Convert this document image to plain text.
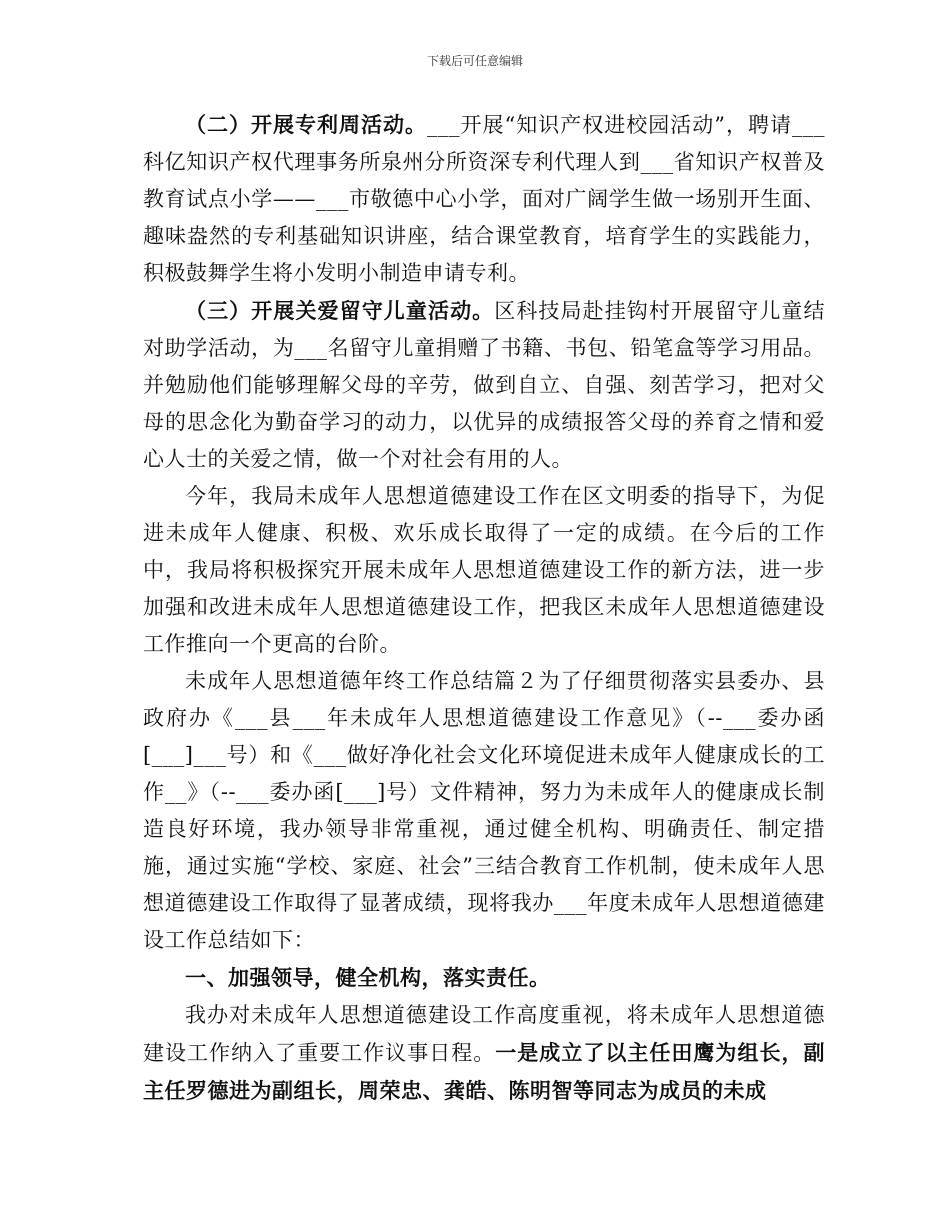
下载后可任意编辑

（二）开展专利周活动。___开展“知识产权进校园活动”，聘请___科亿知识产权代理事务所泉州分所资深专利代理人到___省知识产权普及教育试点小学——___市敬德中心小学，面对广阔学生做一场别开生面、趣味盎然的专利基础知识讲座，结合课堂教育，培育学生的实践能力，积极鼓舞学生将小发明小制造申请专利。

（三）开展关爱留守儿童活动。区科技局赴挂钩村开展留守儿童结对助学活动，为___名留守儿童捐赠了书籍、书包、铅笔盒等学习用品。并勉励他们能够理解父母的辛劳，做到自立、自强、刻苦学习，把对父母的思念化为勤奋学习的动力，以优异的成绩报答父母的养育之情和爱心人士的关爱之情，做一个对社会有用的人。

今年，我局未成年人思想道德建设工作在区文明委的指导下，为促进未成年人健康、积极、欢乐成长取得了一定的成绩。在今后的工作中，我局将积极探究开展未成年人思想道德建设工作的新方法，进一步加强和改进未成年人思想道德建设工作，把我区未成年人思想道德建设工作推向一个更高的台阶。

未成年人思想道德年终工作总结篇２为了仔细贯彻落实县委办、县政府办《___县___年未成年人思想道德建设工作意见》（--___委办函[___]___号）和《___做好净化社会文化环境促进未成年人健康成长的工作__》（--___委办函[___]号）文件精神，努力为未成年人的健康成长制造良好环境，我办领导非常重视，通过健全机构、明确责任、制定措施，通过实施“学校、家庭、社会”三结合教育工作机制，使未成年人思想道德建设工作取得了显著成绩，现将我办___年度未成年人思想道德建设工作总结如下：

一、加强领导，健全机构，落实责任。

我办对未成年人思想道德建设工作高度重视，将未成年人思想道德建设工作纳入了重要工作议事日程。一是成立了以主任田鹰为组长，副主任罗德进为副组长，周荣忠、龚皓、陈明智等同志为成员的未成
